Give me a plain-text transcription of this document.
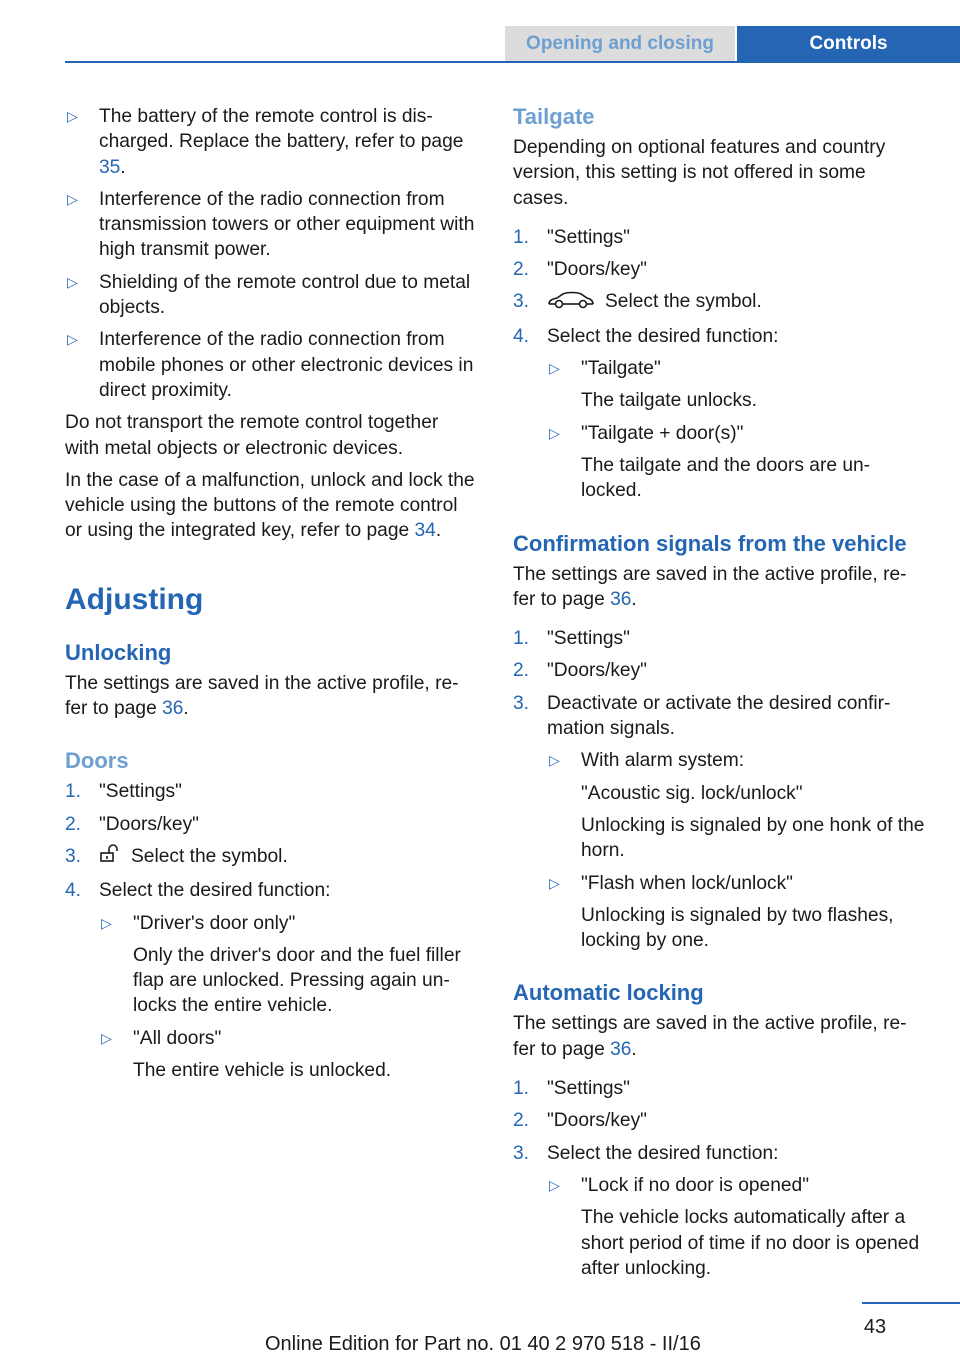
Opening and closing	Controls
▷ The battery of the remote control is dis-charged. Replace the battery, refer to page 35.
▷ Interference of the radio connection from transmission towers or other equipment with high transmit power.
▷ Shielding of the remote control due to metal objects.
▷ Interference of the radio connection from mobile phones or other electronic devices in direct proximity.

Do not transport the remote control together with metal objects or electronic devices.

In the case of a malfunction, unlock and lock the vehicle using the buttons of the remote control or using the integrated key, refer to page 34.

Adjusting
Unlocking

The settings are saved in the active profile, re-fer to page 36.

Doors
1. "Settings"
2. "Doors/key"
3.	Select the symbol.
4. Select the desired function:
▷ "Driver's door only"

Only the driver's door and the fuel filler flap are unlocked. Pressing again un-locks the entire vehicle.

▷ "All doors"

The entire vehicle is unlocked.

Tailgate

Depending on optional features and country version, this setting is not offered in some cases.

1. "Settings"
2. "Doors/key"
3.	Select the symbol.
4. Select the desired function:
▷ "Tailgate"

The tailgate unlocks.

▷ "Tailgate + door(s)"

The tailgate and the doors are un-locked.

Confirmation signals from the vehicle

The settings are saved in the active profile, re-fer to page 36.

1. "Settings"
2. "Doors/key"
3. Deactivate or activate the desired confir-mation signals.
▷ With alarm system:

"Acoustic sig. lock/unlock"

Unlocking is signaled by one honk of the horn.

▷ "Flash when lock/unlock"

Unlocking is signaled by two flashes, locking by one.

Automatic locking

The settings are saved in the active profile, re-fer to page 36.

1. "Settings"
2. "Doors/key"
3. Select the desired function:
▷ "Lock if no door is opened"

The vehicle locks automatically after a short period of time if no door is opened after unlocking.

43
Online Edition for Part no. 01 40 2 970 518 - II/16
